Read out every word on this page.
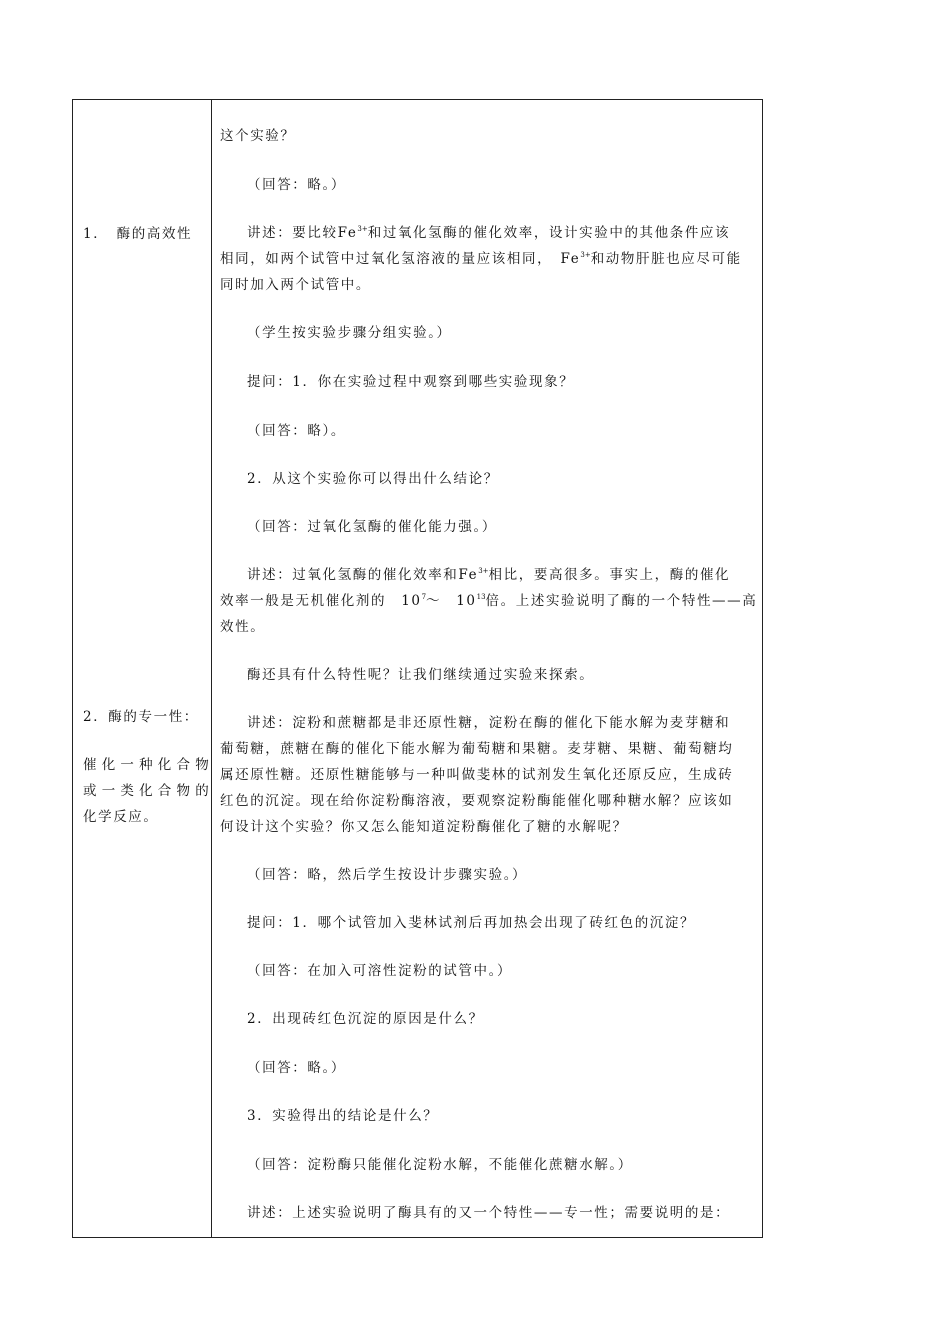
1．　酶的高效性
2．酶的专一性：
催化一种化合物
或一类化合物的
化学反应。
这个实验？
（回答：略。）
讲述：要比较$Fe^{3+}$和过氧化氢酶的催化效率，设计实验中的其他条件应该
相同，如两个试管中过氧化氢溶液的量应该相同，　$Fe^{3+}$和动物肝脏也应尽可能
同时加入两个试管中。
（学生按实验步骤分组实验。）
提问：1．你在实验过程中观察到哪些实验现象？
（回答：略）。
2．从这个实验你可以得出什么结论？
（回答：过氧化氢酶的催化能力强。）
讲述：过氧化氢酶的催化效率和$Fe^{3+}$相比，要高很多。事实上，酶的催化
效率一般是无机催化剂的　$10^7\sim$　$10^{13}$倍。上述实验说明了酶的一个特性——高
效性。
酶还具有什么特性呢？让我们继续通过实验来探索。
讲述：淀粉和蔗糖都是非还原性糖，淀粉在酶的催化下能水解为麦芽糖和
葡萄糖，蔗糖在酶的催化下能水解为葡萄糖和果糖。麦芽糖、果糖、葡萄糖均
属还原性糖。还原性糖能够与一种叫做斐林的试剂发生氧化还原反应，生成砖
红色的沉淀。现在给你淀粉酶溶液，要观察淀粉酶能催化哪种糖水解？应该如
何设计这个实验？你又怎么能知道淀粉酶催化了糖的水解呢？
（回答：略，然后学生按设计步骤实验。）
提问：1．哪个试管加入斐林试剂后再加热会出现了砖红色的沉淀？
（回答：在加入可溶性淀粉的试管中。）
2．出现砖红色沉淀的原因是什么？
（回答：略。）
3．实验得出的结论是什么？
（回答：淀粉酶只能催化淀粉水解，不能催化蔗糖水解。）
讲述：上述实验说明了酶具有的又一个特性——专一性；需要说明的是：
